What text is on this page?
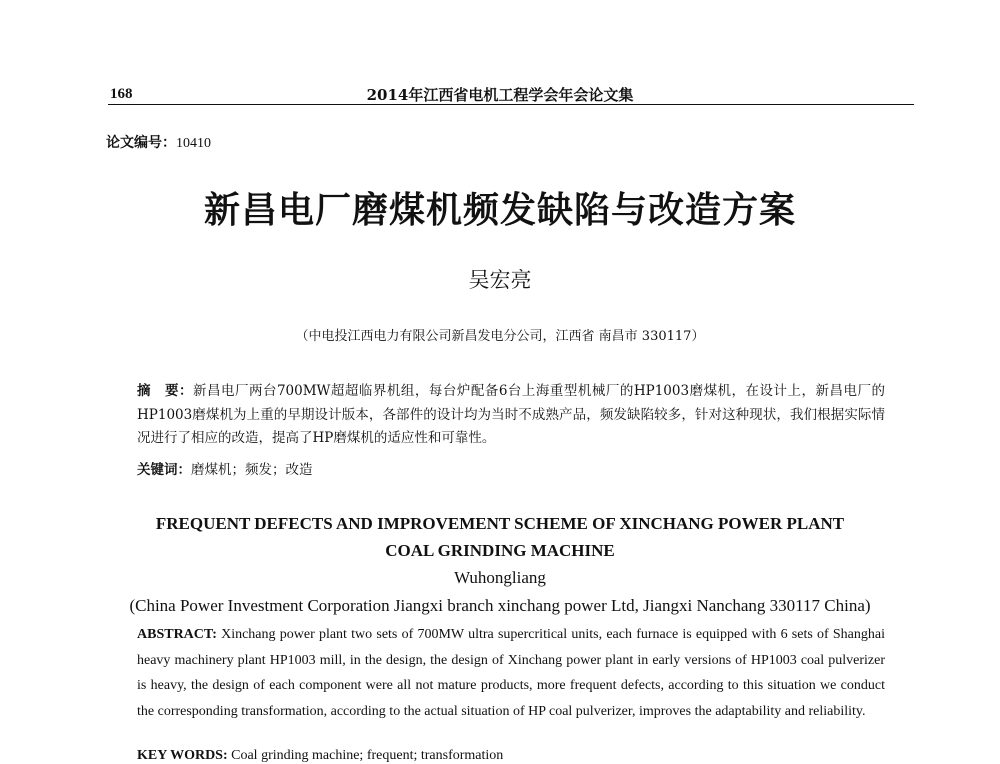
168	2014年江西省电机工程学会年会论文集
论文编号：10410
新昌电厂磨煤机频发缺陷与改造方案
吴宏亮
（中电投江西电力有限公司新昌发电分公司，江西省 南昌市 330117）
摘　要：新昌电厂两台700MW超超临界机组，每台炉配备6台上海重型机械厂的HP1003磨煤机，在设计上，新昌电厂的HP1003磨煤机为上重的早期设计版本，各部件的设计均为当时不成熟产品，频发缺陷较多，针对这种现状，我们根据实际情况进行了相应的改造，提高了HP磨煤机的适应性和可靠性。
关键词：磨煤机；频发；改造
FREQUENT DEFECTS AND IMPROVEMENT SCHEME OF XINCHANG POWER PLANT
COAL GRINDING MACHINE
Wuhongliang
(China Power Investment Corporation Jiangxi branch xinchang power Ltd, Jiangxi Nanchang 330117 China)
ABSTRACT: Xinchang power plant two sets of 700MW ultra supercritical units, each furnace is equipped with 6 sets of Shanghai heavy machinery plant HP1003 mill, in the design, the design of Xinchang power plant in early versions of HP1003 coal pulverizer is heavy, the design of each component were all not mature products, more frequent defects, according to this situation we conduct the corresponding transformation, according to the actual situation of HP coal pulverizer, improves the adaptability and reliability.
KEY WORDS: Coal grinding machine; frequent; transformation
